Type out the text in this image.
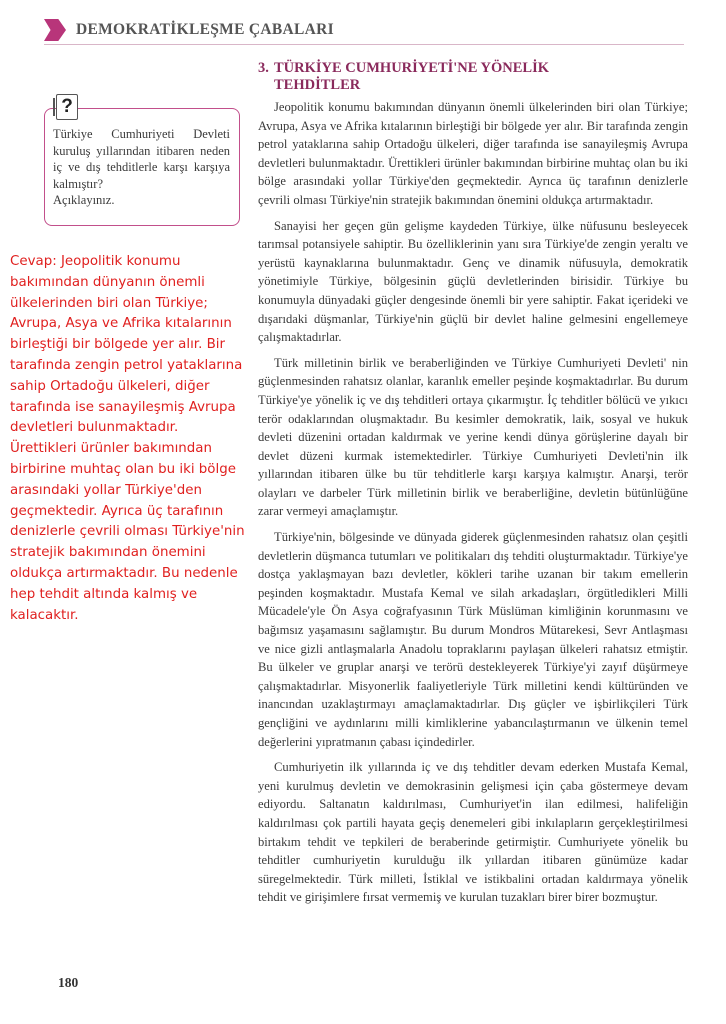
DEMOKRATİKLEŞME ÇABALARI
?
Türkiye Cumhuriyeti Devleti kuruluş yıllarından itibaren neden iç ve dış tehditlerle karşı karşıya kalmıştır?
Açıklayınız.
Cevap: Jeopolitik konumu bakımından dünyanın önemli ülkelerinden biri olan Türkiye; Avrupa, Asya ve Afrika kıtalarının birleştiği bir bölgede yer alır. Bir tarafında zengin petrol yataklarına sahip Ortadoğu ülkeleri, diğer tarafında ise sanayileşmiş Avrupa devletleri bulunmaktadır. Ürettikleri ürünler bakımından birbirine muhtaç olan bu iki bölge arasındaki yollar Türkiye'den geçmektedir. Ayrıca üç tarafının denizlerle çevrili olması Türkiye'nin stratejik bakımından önemini oldukça artırmaktadır. Bu nedenle hep tehdit altında kalmış ve kalacaktır.
3. TÜRKİYE CUMHURİYETİ'NE YÖNELİK
TEHDİTLER

Jeopolitik konumu bakımından dünyanın önemli ülkelerinden biri olan Türkiye; Avrupa, Asya ve Afrika kıtalarının birleştiği bir bölgede yer alır. Bir tarafında zengin petrol yataklarına sahip Ortadoğu ülkeleri, diğer tarafında ise sanayileşmiş Avrupa devletleri bulunmaktadır. Ürettikleri ürünler bakımından birbirine muhtaç olan bu iki bölge arasındaki yollar Türkiye'den geçmektedir. Ayrıca üç tarafının denizlerle çevrili olması Türkiye'nin stratejik bakımından önemini oldukça artırmaktadır.

Sanayisi her geçen gün gelişme kaydeden Türkiye, ülke nüfusunu besleyecek tarımsal potansiyele sahiptir. Bu özelliklerinin yanı sıra Türkiye'de zengin yeraltı ve yerüstü kaynaklarına bulunmaktadır. Genç ve dinamik nüfusuyla, demokratik yönetimiyle Türkiye, bölgesinin güçlü devletlerinden birisidir. Türkiye bu konumuyla dünyadaki güçler dengesinde önemli bir yere sahiptir. Fakat içerideki ve dışarıdaki düşmanlar, Türkiye'nin güçlü bir devlet haline gelmesini engellemeye çalışmaktadırlar.

Türk milletinin birlik ve beraberliğinden ve Türkiye Cumhuriyeti Devleti' nin güçlenmesinden rahatsız olanlar, karanlık emeller peşinde koşmaktadırlar. Bu durum Türkiye'ye yönelik iç ve dış tehditleri ortaya çıkarmıştır. İç tehditler bölücü ve yıkıcı terör odaklarından oluşmaktadır. Bu kesimler demokratik, laik, sosyal ve hukuk devleti düzenini ortadan kaldırmak ve yerine kendi dünya görüşlerine dayalı bir devlet düzeni kurmak istemektedirler. Türkiye Cumhuriyeti Devleti'nin ilk yıllarından itibaren ülke bu tür tehditlerle karşı karşıya kalmıştır. Anarşi, terör olayları ve darbeler Türk milletinin birlik ve beraberliğine, devletin bütünlüğüne zarar vermeyi amaçlamıştır.

Türkiye'nin, bölgesinde ve dünyada giderek güçlenmesinden rahatsız olan çeşitli devletlerin düşmanca tutumları ve politikaları dış tehditi oluşturmaktadır. Türkiye'ye dostça yaklaşmayan bazı devletler, kökleri tarihe uzanan bir takım emellerin peşinden koşmaktadır. Mustafa Kemal ve silah arkadaşları, örgütledikleri Milli Mücadele'yle Ön Asya coğrafyasının Türk Müslüman kimliğinin korunmasını ve bağımsız yaşamasını sağlamıştır. Bu durum Mondros Mütarekesi, Sevr Antlaşması ve nice gizli antlaşmalarla Anadolu topraklarını paylaşan ülkeleri rahatsız etmiştir. Bu ülkeler ve gruplar anarşi ve terörü destekleyerek Türkiye'yi zayıf düşürmeye çalışmaktadırlar. Misyonerlik faaliyetleriyle Türk milletini kendi kültüründen ve inancından uzaklaştırmayı amaçlamaktadırlar. Dış güçler ve işbirlikçileri Türk gençliğini ve aydınlarını milli kimliklerine yabancılaştırmanın ve ülkenin temel değerlerini yıpratmanın çabası içindedirler.

Cumhuriyetin ilk yıllarında iç ve dış tehditler devam ederken Mustafa Kemal, yeni kurulmuş devletin ve demokrasinin gelişmesi için çaba göstermeye devam ediyordu. Saltanatın kaldırılması, Cumhuriyet'in ilan edilmesi, halifeliğin kaldırılması çok partili hayata geçiş denemeleri gibi inkılapların gerçekleştirilmesi birtakım tehdit ve tepkileri de beraberinde getirmiştir. Cumhuriyete yönelik bu tehditler cumhuriyetin kurulduğu ilk yıllardan itibaren günümüze kadar süregelmektedir. Türk milleti, İstiklal ve istikbalini ortadan kaldırmaya yönelik tehdit ve girişimlere fırsat vermemiş ve kurulan tuzakları birer birer bozmuştur.

180
